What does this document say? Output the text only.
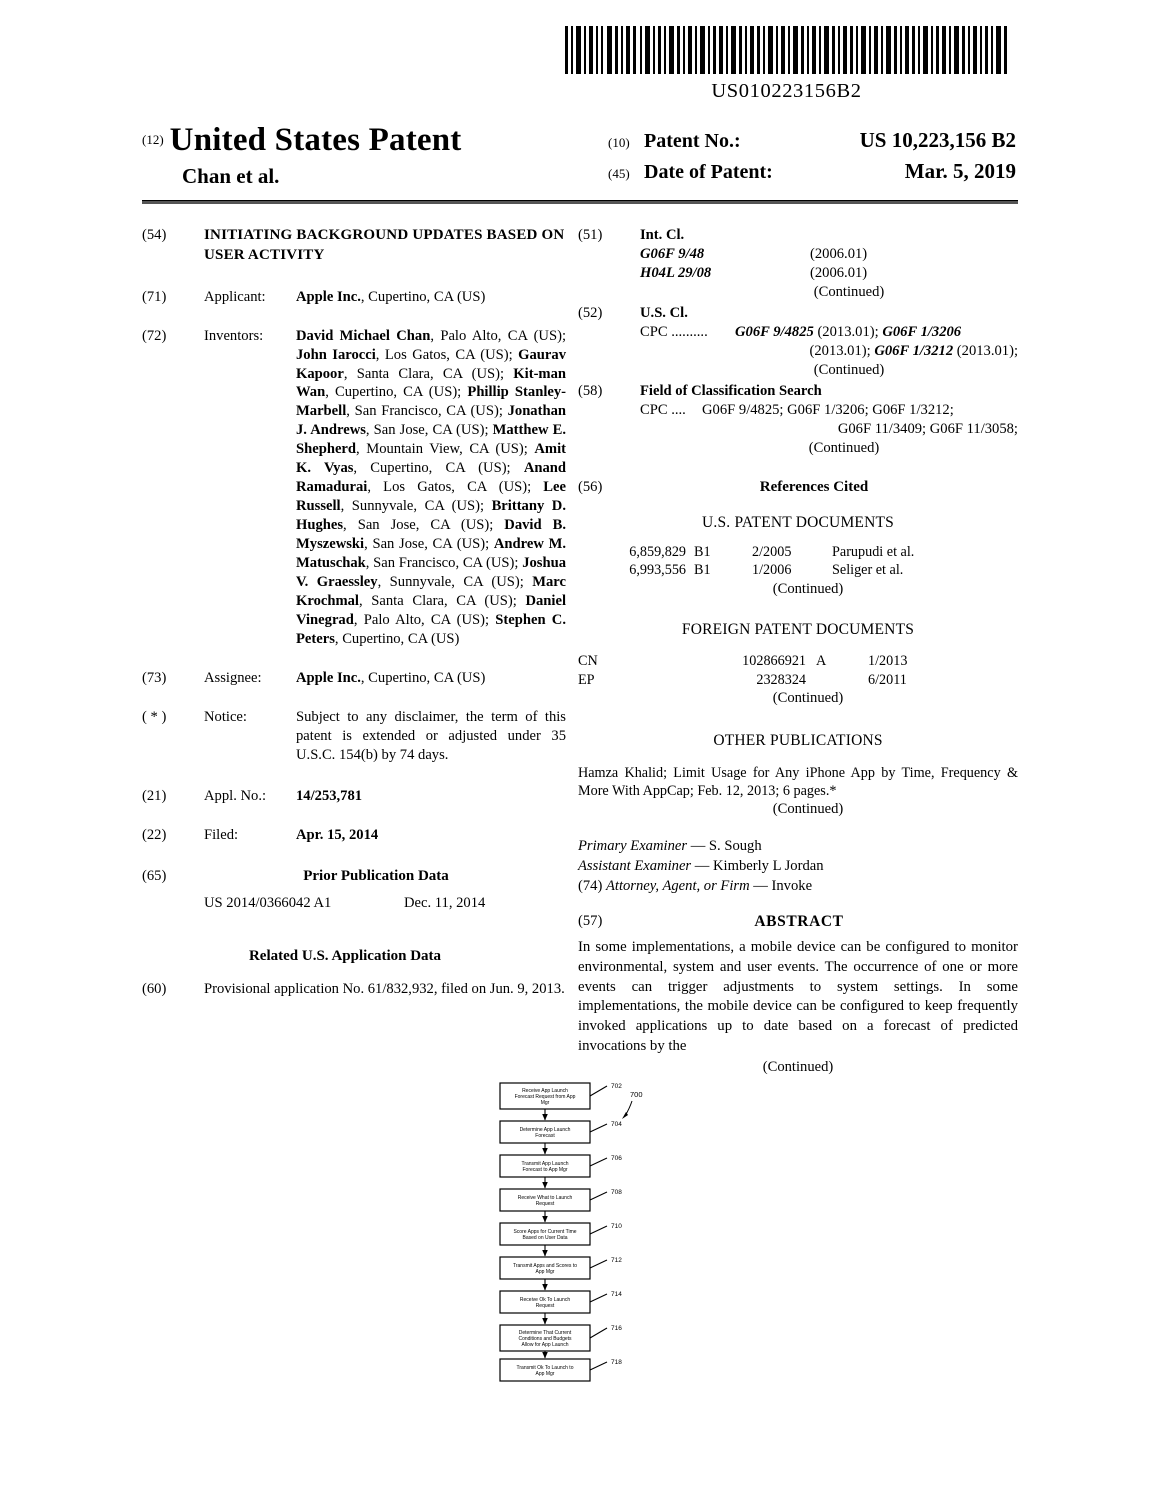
US010223156B2
$^{(12)}$ United States Patent
Chan et al.
(10) Patent No.:	US 10,223,156 B2
(45) Date of Patent:	Mar. 5, 2019
(54)	INITIATING BACKGROUND UPDATES BASED ON USER ACTIVITY
(71)	Applicant:	Apple Inc., Cupertino, CA (US)
(72)	Inventors:	David Michael Chan, Palo Alto, CA (US); John Iarocci, Los Gatos, CA (US); Gaurav Kapoor, Santa Clara, CA (US); Kit-man Wan, Cupertino, CA (US); Phillip Stanley-Marbell, San Francisco, CA (US); Jonathan J. Andrews, San Jose, CA (US); Matthew E. Shepherd, Mountain View, CA (US); Amit K. Vyas, Cupertino, CA (US); Anand Ramadurai, Los Gatos, CA (US); Lee Russell, Sunnyvale, CA (US); Brittany D. Hughes, San Jose, CA (US); David B. Myszewski, San Jose, CA (US); Andrew M. Matuschak, San Francisco, CA (US); Joshua V. Graessley, Sunnyvale, CA (US); Marc Krochmal, Santa Clara, CA (US); Daniel Vinegrad, Palo Alto, CA (US); Stephen C. Peters, Cupertino, CA (US)
(73)	Assignee:	Apple Inc., Cupertino, CA (US)
( * )	Notice:	Subject to any disclaimer, the term of this patent is extended or adjusted under 35 U.S.C. 154(b) by 74 days.
(21)	Appl. No.:	14/253,781
(22)	Filed:	Apr. 15, 2014
(65)	Prior Publication Data
US 2014/0366042 A1	Dec. 11, 2014
Related U.S. Application Data
(60)	Provisional application No. 61/832,932, filed on Jun. 9, 2013.
(51)	Int. Cl.
G06F 9/48	(2006.01)
H04L 29/08	(2006.01)
(Continued)
(52)	U.S. Cl.
CPC ..........	G06F 9/4825 (2013.01); G06F 1/3206
(2013.01); G06F 1/3212 (2013.01);
(Continued)
(58)	Field of Classification Search
CPC ....	G06F 9/4825; G06F 1/3206; G06F 1/3212;
G06F 11/3409; G06F 11/3058;
(Continued)
(56)	References Cited
U.S. PATENT DOCUMENTS
6,859,829 B1	2/2005	Parupudi et al.
6,993,556 B1	1/2006	Seliger et al.
(Continued)
FOREIGN PATENT DOCUMENTS
CN	102866921 A	1/2013
EP	2328324	6/2011
(Continued)
OTHER PUBLICATIONS
Hamza Khalid; Limit Usage for Any iPhone App by Time, Frequency & More With AppCap; Feb. 12, 2013; 6 pages.*
(Continued)
Primary Examiner — S. Sough
Assistant Examiner — Kimberly L Jordan
(74) Attorney, Agent, or Firm — Invoke
(57)	ABSTRACT
In some implementations, a mobile device can be configured to monitor environmental, system and user events. The occurrence of one or more events can trigger adjustments to system settings. In some implementations, the mobile device can be configured to keep frequently invoked applications up to date based on a forecast of predicted invocations by the
(Continued)
Receive App Launch
Forecast Request from App
Mgr
Determine App Launch
Forecast
Transmit App Launch
Forecast to App Mgr
Receive What to Launch
Request
Score Apps for Current Time
Based on User Data
Transmit Apps and Scores to
App Mgr
Receive Ok To Launch
Request
Determine That Current
Conditions and Budgets
Allow for App Launch
Transmit Ok To Launch to
App Mgr
702
704
706
708
710
712
714
716
718
700
